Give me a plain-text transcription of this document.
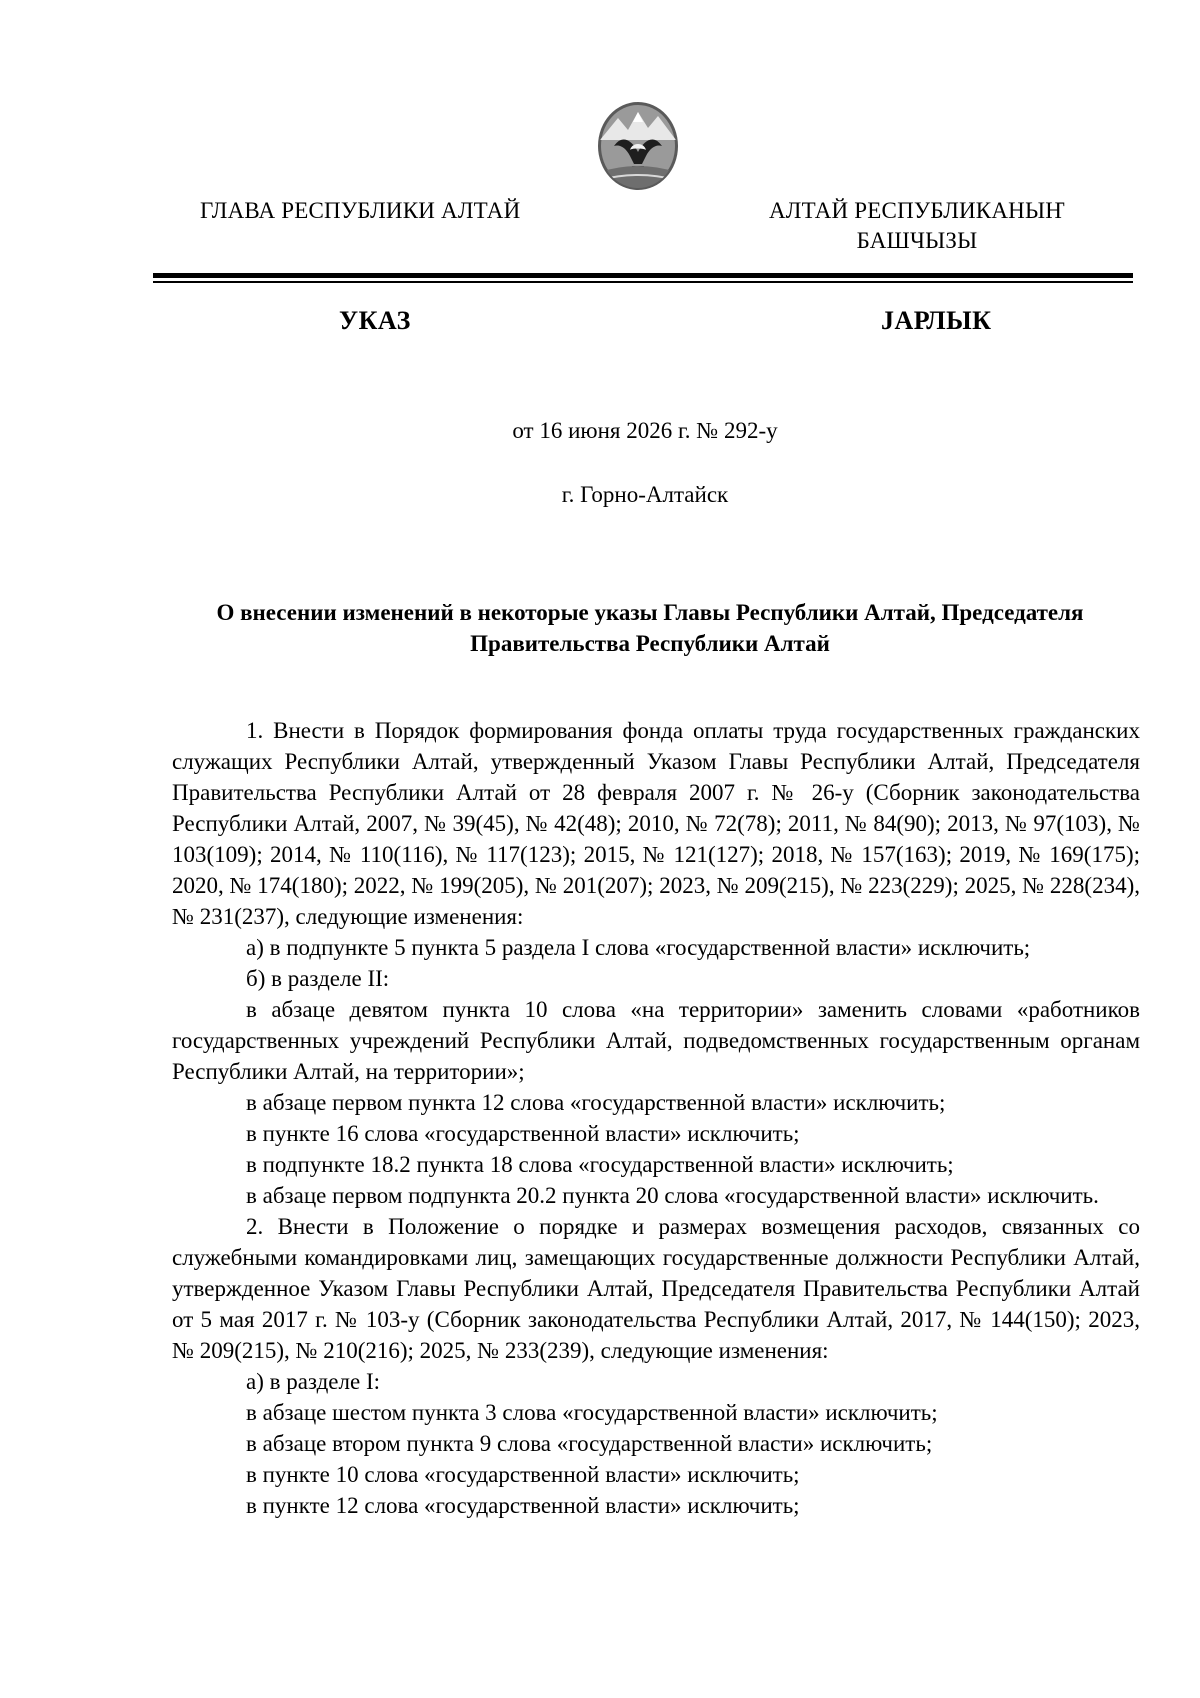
ГЛАВА РЕСПУБЛИКИ АЛТАЙ	АЛТАЙ РЕСПУБЛИКАНЫҤ
БАШЧЫЗЫ
УКАЗ	JАРЛЫК
от 16 июня 2026 г. № 292-у
г. Горно-Алтайск
О внесении изменений в некоторые указы Главы Республики Алтай, Председателя Правительства Республики Алтай

1. Внести в Порядок формирования фонда оплаты труда государственных гражданских служащих Республики Алтай, утвержденный Указом Главы Республики Алтай, Председателя Правительства Республики Алтай от 28 февраля 2007 г. № 26-у (Сборник законодательства Республики Алтай, 2007, № 39(45), № 42(48); 2010, № 72(78); 2011, № 84(90); 2013, № 97(103), № 103(109); 2014, № 110(116), № 117(123); 2015, № 121(127); 2018, № 157(163); 2019, № 169(175); 2020, № 174(180); 2022, № 199(205), № 201(207); 2023, № 209(215), № 223(229); 2025, № 228(234), № 231(237), следующие изменения:

а) в подпункте 5 пункта 5 раздела I слова «государственной власти» исключить;

б) в разделе II:

в абзаце девятом пункта 10 слова «на территории» заменить словами «работников государственных учреждений Республики Алтай, подведомственных государственным органам Республики Алтай, на территории»;

в абзаце первом пункта 12 слова «государственной власти» исключить;

в пункте 16 слова «государственной власти» исключить;

в подпункте 18.2 пункта 18 слова «государственной власти» исключить;

в абзаце первом подпункта 20.2 пункта 20 слова «государственной власти» исключить.

2. Внести в Положение о порядке и размерах возмещения расходов, связанных со служебными командировками лиц, замещающих государственные должности Республики Алтай, утвержденное Указом Главы Республики Алтай, Председателя Правительства Республики Алтай от 5 мая 2017 г. № 103-у (Сборник законодательства Республики Алтай, 2017, № 144(150); 2023, № 209(215), № 210(216); 2025, № 233(239), следующие изменения:

а) в разделе I:

в абзаце шестом пункта 3 слова «государственной власти» исключить;

в абзаце втором пункта 9 слова «государственной власти» исключить;

в пункте 10 слова «государственной власти» исключить;

в пункте 12 слова «государственной власти» исключить;
